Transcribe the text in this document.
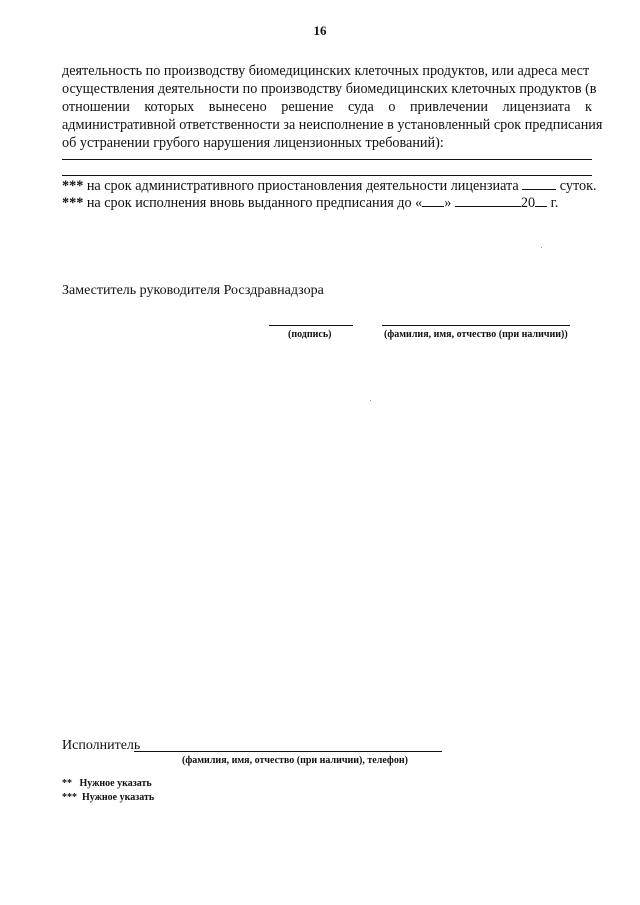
16
деятельность по производству биомедицинских клеточных продуктов, или адреса мест
осуществления деятельности по производству биомедицинских клеточных продуктов (в
отношении которых вынесено решение суда о привлечении лицензиата к
административной ответственности за неисполнение в установленный срок предписания
об устранении грубого нарушения лицензионных требований):
*** на срок административного приостановления деятельности лицензиата	суток.
*** на срок исполнения вновь выданного предписания до « »	20 г.
Заместитель руководителя Росздравнадзора
(подпись)	(фамилия, имя, отчество (при наличии))
Исполнитель
(фамилия, имя, отчество (при наличии), телефон)
** Нужное указать
*** Нужное указать
